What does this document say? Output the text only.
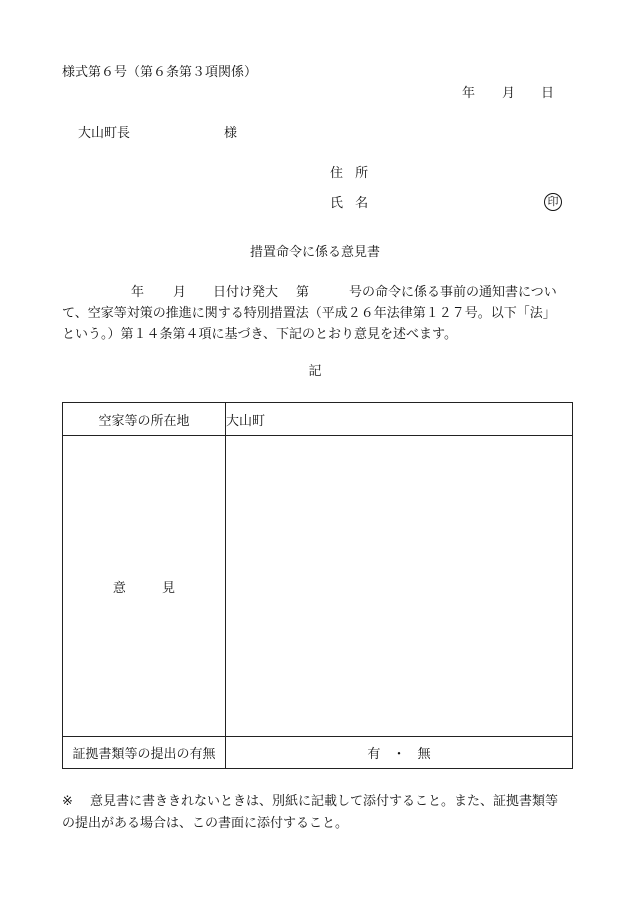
様式第６号（第６条第３項関係）
年 月 日
大山町長	様
住 所
氏 名	印
措置命令に係る意見書
年 月 日付け発大 第	号の命令に係る事前の通知書につい
て、空家等対策の推進に関する特別措置法（平成２６年法律第１２７号。以下「法」
という。）第１４条第４項に基づき、下記のとおり意見を述べます。
記
空家等の所在地	大山町
意 見	
証拠書類等の提出の有無	有 ・ 無
※ 意見書に書ききれないときは、別紙に記載して添付すること。また、証拠書類等
の提出がある場合は、この書面に添付すること。
